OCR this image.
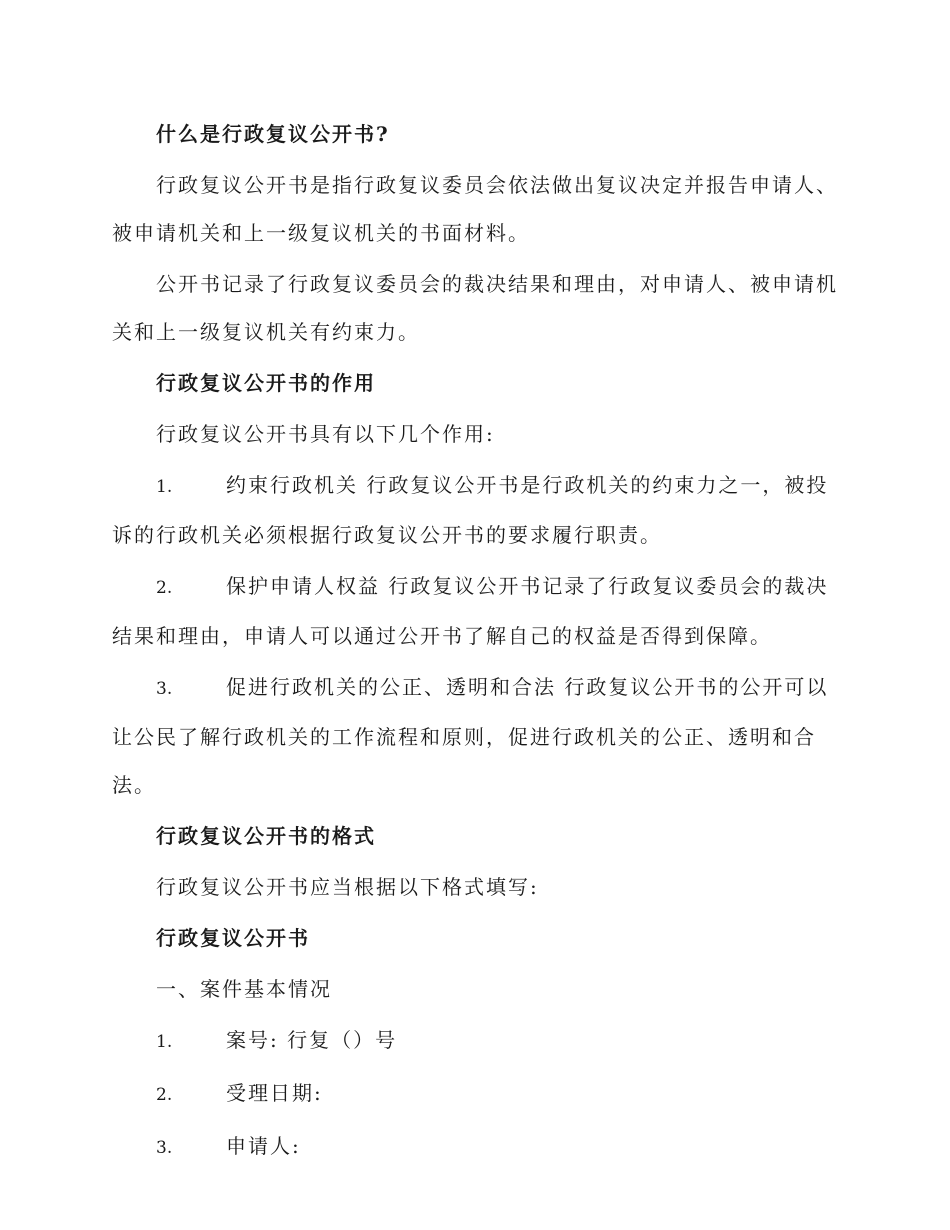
什么是行政复议公开书?

行政复议公开书是指行政复议委员会依法做出复议决定并报告申请人、被申请机关和上一级复议机关的书面材料。

公开书记录了行政复议委员会的裁决结果和理由，对申请人、被申请机关和上一级复议机关有约束力。

行政复议公开书的作用

行政复议公开书具有以下几个作用:

1.	约束行政机关 行政复议公开书是行政机关的约束力之一，被投诉的行政机关必须根据行政复议公开书的要求履行职责。

2.	保护申请人权益 行政复议公开书记录了行政复议委员会的裁决结果和理由，申请人可以通过公开书了解自己的权益是否得到保障。

3.	促进行政机关的公正、透明和合法 行政复议公开书的公开可以让公民了解行政机关的工作流程和原则，促进行政机关的公正、透明和合法。

行政复议公开书的格式

行政复议公开书应当根据以下格式填写:

行政复议公开书

一、案件基本情况

1.	案号: 行复（）号

2.	受理日期:

3.	申请人:
